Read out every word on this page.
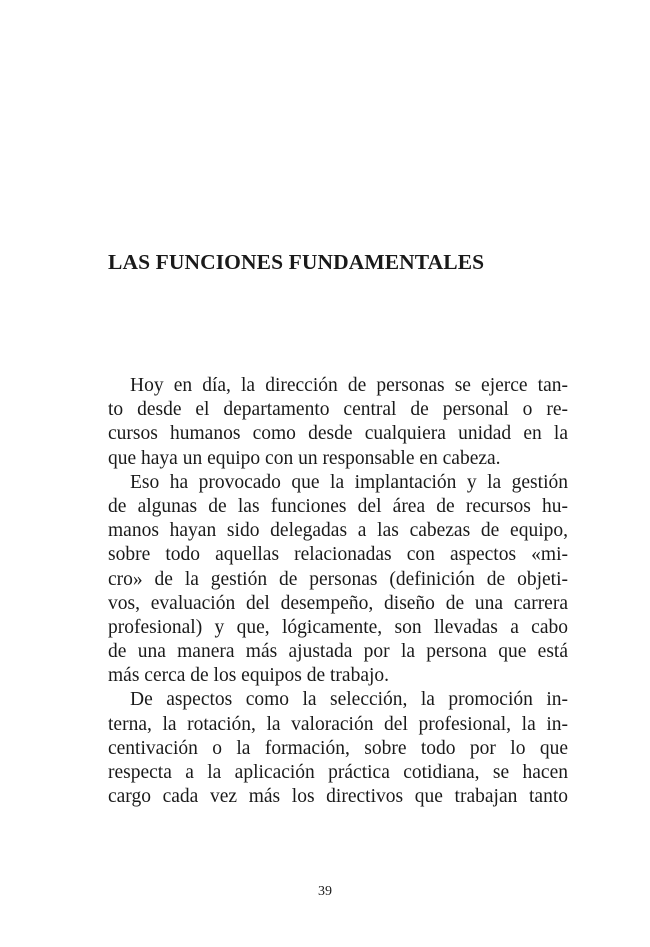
LAS FUNCIONES FUNDAMENTALES
Hoy en día, la dirección de personas se ejerce tan-
to desde el departamento central de personal o re-
cursos humanos como desde cualquiera unidad en la
que haya un equipo con un responsable en cabeza.
Eso ha provocado que la implantación y la gestión
de algunas de las funciones del área de recursos hu-
manos hayan sido delegadas a las cabezas de equipo,
sobre todo aquellas relacionadas con aspectos «mi-
cro» de la gestión de personas (definición de objeti-
vos, evaluación del desempeño, diseño de una carrera
profesional) y que, lógicamente, son llevadas a cabo
de una manera más ajustada por la persona que está
más cerca de los equipos de trabajo.
De aspectos como la selección, la promoción in-
terna, la rotación, la valoración del profesional, la in-
centivación o la formación, sobre todo por lo que
respecta a la aplicación práctica cotidiana, se hacen
cargo cada vez más los directivos que trabajan tanto
39
